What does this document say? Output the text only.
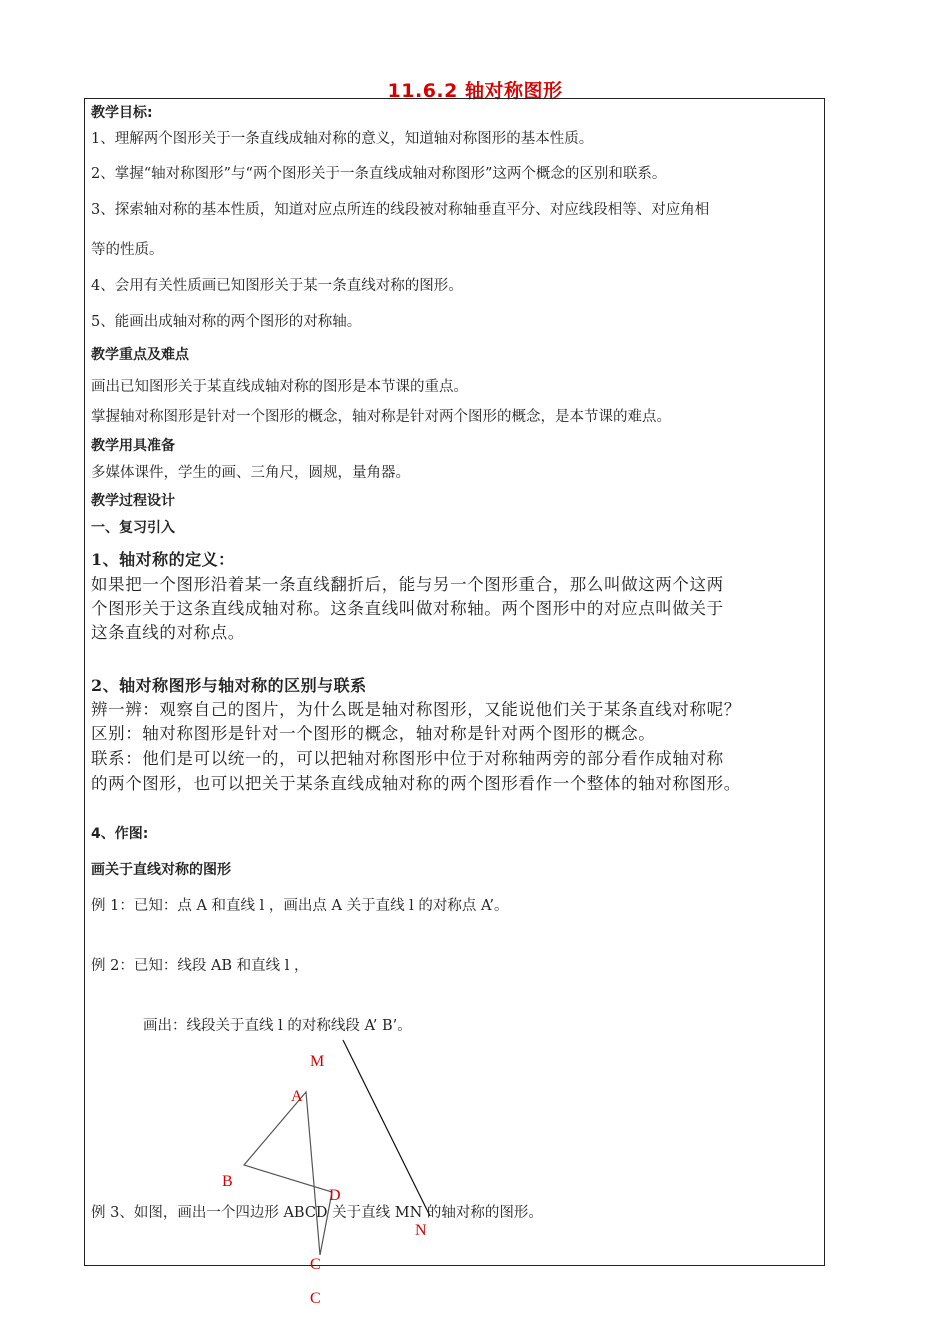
11.6.2 轴对称图形
教学目标:
1、理解两个图形关于一条直线成轴对称的意义，知道轴对称图形的基本性质。
2、掌握“轴对称图形”与“两个图形关于一条直线成轴对称图形”这两个概念的区别和联系。
3、探索轴对称的基本性质，知道对应点所连的线段被对称轴垂直平分、对应线段相等、对应角相
等的性质。
4、会用有关性质画已知图形关于某一条直线对称的图形。
5、能画出成轴对称的两个图形的对称轴。
教学重点及难点
画出已知图形关于某直线成轴对称的图形是本节课的重点。
掌握轴对称图形是针对一个图形的概念，轴对称是针对两个图形的概念，是本节课的难点。
教学用具准备
多媒体课件，学生的画、三角尺，圆规，量角器。
教学过程设计
一、复习引入
1、轴对称的定义：
如果把一个图形沿着某一条直线翻折后，能与另一个图形重合，那么叫做这两个这两
个图形关于这条直线成轴对称。这条直线叫做对称轴。两个图形中的对应点叫做关于
这条直线的对称点。
2、轴对称图形与轴对称的区别与联系
辨一辨：观察自己的图片，为什么既是轴对称图形，又能说他们关于某条直线对称呢？
区别：轴对称图形是针对一个图形的概念，轴对称是针对两个图形的概念。
联系：他们是可以统一的，可以把轴对称图形中位于对称轴两旁的部分看作成轴对称
的两个图形，也可以把关于某条直线成轴对称的两个图形看作一个整体的轴对称图形。
4、作图:
画关于直线对称的图形
例 1：已知：点 A 和直线 l ，画出点 A 关于直线 l 的对称点 A’。
例 2：已知：线段 AB 和直线 l ，
画出：线段关于直线 l 的对称线段 A’ B’。
例 3、如图，画出一个四边形 ABCD 关于直线 MN 的轴对称的图形。
M
A
B
D
N
C
C
